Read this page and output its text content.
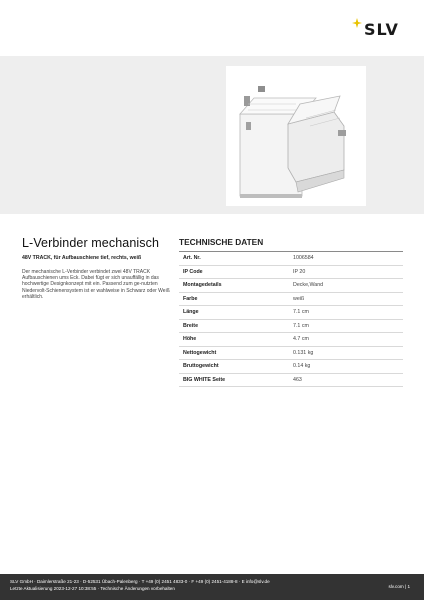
SLV
L-Verbinder mechanisch
48V TRACK, für Aufbauschiene tief, rechts, weiß
Der mechanische L-Verbinder verbindet zwei 48V TRACK Aufbauschienen ums Eck. Dabei fügt er sich unauffällig in das hochwertige Designkonzept mit ein. Passend zum ge-nutzten Niedervolt-Schienensystem ist er wahlweise in Schwarz oder Weiß erhältlich.
TECHNISCHE DATEN
Art. Nr.	1006584
IP Code	IP 20
Montagedetails	Decke,Wand
Farbe	weiß
Länge	7.1 cm
Breite	7.1 cm
Höhe	4.7 cm
Nettogewicht	0.131 kg
Bruttogewicht	0.14 kg
BIG WHITE Seite	463
SLV GmbH · Daimlerstraße 21-23 · D-52531 Übach-Palenberg · T +49 (0) 2451 4833-0 · F +49 (0) 2451-4188-8 · E info@slv.de
Letzte Aktualisierung 2023-12-27 10:38:55 · Technische Änderungen vorbehalten	slv.com | 1
